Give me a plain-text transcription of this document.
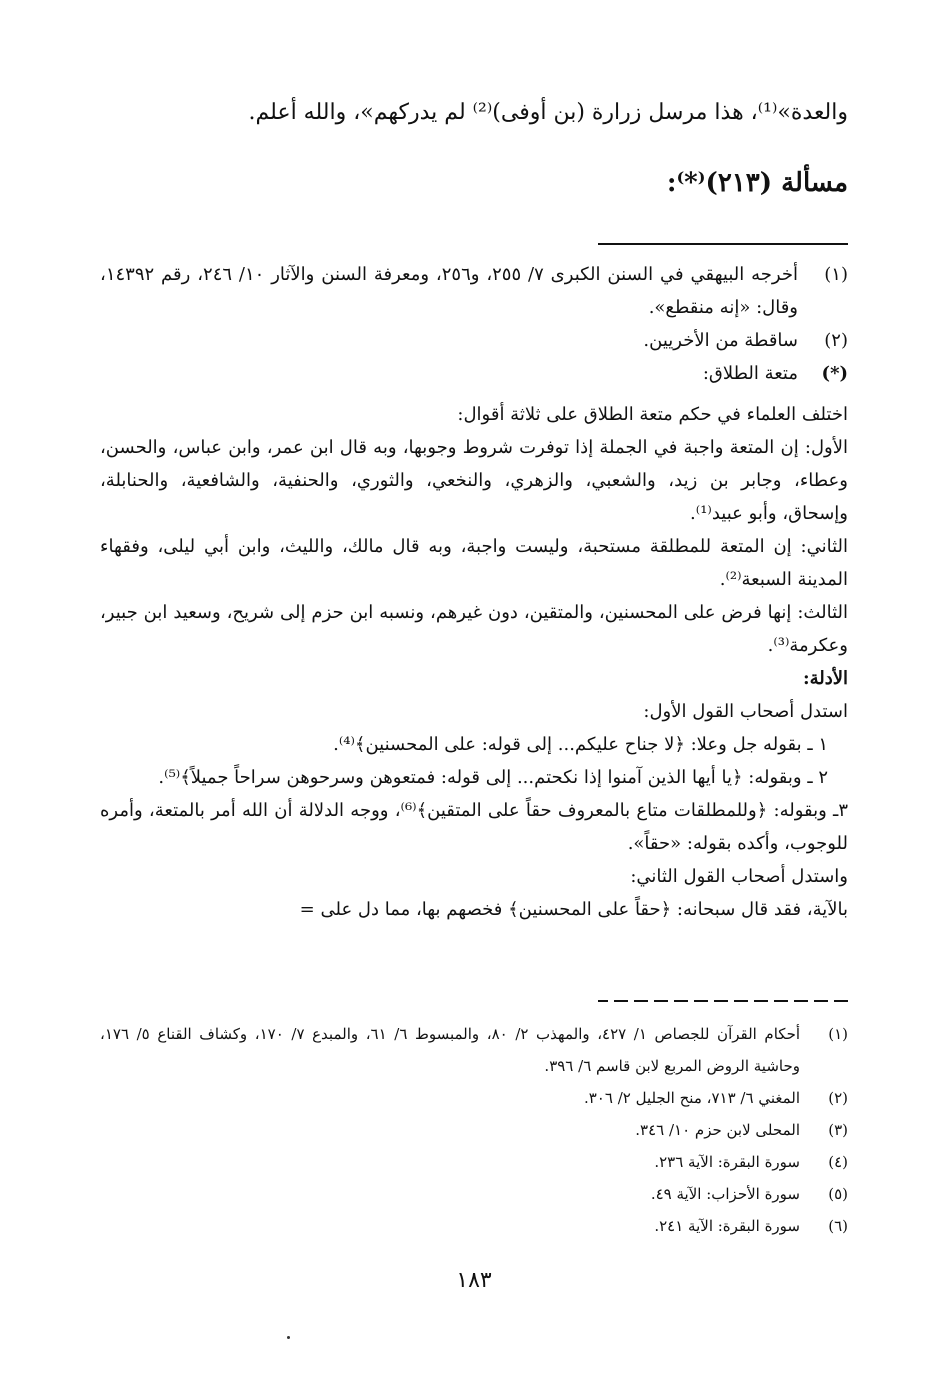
والعدة»⁽¹⁾، هذا مرسل زرارة (بن أوفى)⁽²⁾ لم يدركهم»، والله أعلم.
مسألة (٢١٣)⁽*⁾:
(١)
أخرجه البيهقي في السنن الكبرى ٧/ ٢٥٥، و٢٥٦، ومعرفة السنن والآثار ١٠/ ٢٤٦، رقم ١٤٣٩٢، وقال: «إنه منقطع».
(٢)
ساقطة من الأخريين.
(*)
متعة الطلاق:
اختلف العلماء في حكم متعة الطلاق على ثلاثة أقوال:
الأول: إن المتعة واجبة في الجملة إذا توفرت شروط وجوبها، وبه قال ابن عمر، وابن عباس، والحسن، وعطاء، وجابر بن زيد، والشعبي، والزهري، والنخعي، والثوري، والحنفية، والشافعية، والحنابلة، وإسحاق، وأبو عبيد⁽¹⁾.
الثاني: إن المتعة للمطلقة مستحبة، وليست واجبة، وبه قال مالك، والليث، وابن أبي ليلى، وفقهاء المدينة السبعة⁽²⁾.
الثالث: إنها فرض على المحسنين، والمتقين، دون غيرهم، ونسبه ابن حزم إلى شريح، وسعيد ابن جبير، وعكرمة⁽³⁾.
الأدلة:
استدل أصحاب القول الأول:
١ ـ بقوله جل وعلا: ﴿لا جناح عليكم... إلى قوله: على المحسنين﴾⁽⁴⁾.
٢ ـ وبقوله: ﴿يا أيها الذين آمنوا إذا نكحتم... إلى قوله: فمتعوهن وسرحوهن سراحاً جميلاً﴾⁽⁵⁾.
٣ـ وبقوله: ﴿وللمطلقات متاع بالمعروف حقاً على المتقين﴾⁽⁶⁾، ووجه الدلالة أن الله أمر بالمتعة، وأمره للوجوب، وأكده بقوله: «حقاً».
واستدل أصحاب القول الثاني:
بالآية، فقد قال سبحانه: ﴿حقاً على المحسنين﴾ فخصهم بها، مما دل على =
(١)
أحكام القرآن للجصاص ١/ ٤٢٧، والمهذب ٢/ ٨٠، والمبسوط ٦/ ٦١، والمبدع ٧/ ١٧٠، وكشاف القناع ٥/ ١٧٦، وحاشية الروض المربع لابن قاسم ٦/ ٣٩٦.
(٢)
المغني ٦/ ٧١٣، منح الجليل ٢/ ٣٠٦.
(٣)
المحلى لابن حزم ١٠/ ٣٤٦.
(٤)
سورة البقرة: الآية ٢٣٦.
(٥)
سورة الأحزاب: الآية ٤٩.
(٦)
سورة البقرة: الآية ٢٤١.
١٨٣
